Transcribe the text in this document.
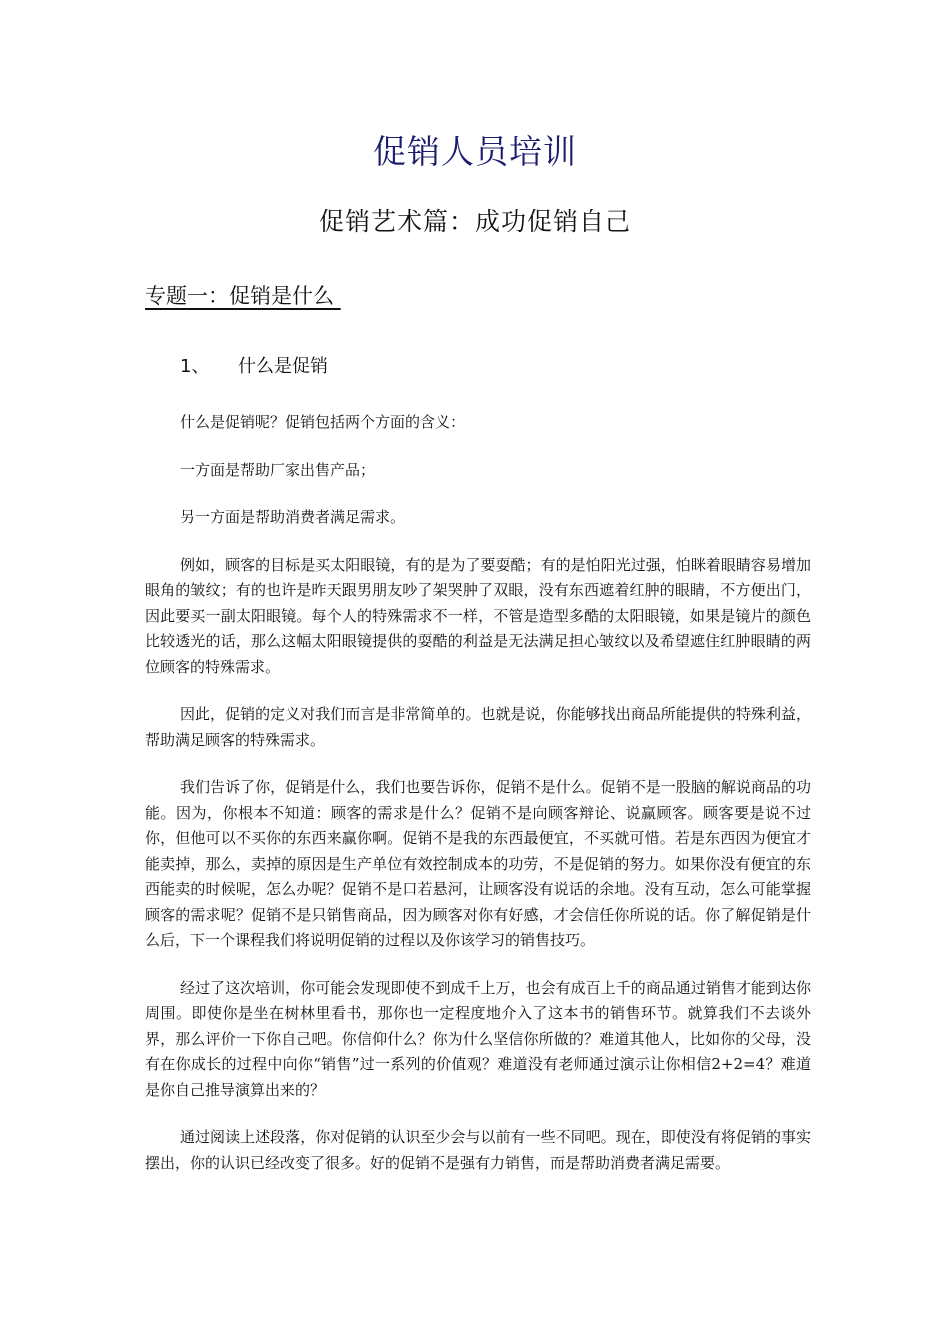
促销人员培训
促销艺术篇：成功促销自己
专题一：促销是什么
1、 什么是促销

什么是促销呢？促销包括两个方面的含义：

一方面是帮助厂家出售产品；

另一方面是帮助消费者满足需求。

例如，顾客的目标是买太阳眼镜，有的是为了要耍酷；有的是怕阳光过强，怕眯着眼睛容易增加眼角的皱纹；有的也许是昨天跟男朋友吵了架哭肿了双眼，没有东西遮着红肿的眼睛，不方便出门，因此要买一副太阳眼镜。每个人的特殊需求不一样，不管是造型多酷的太阳眼镜，如果是镜片的颜色比较透光的话，那么这幅太阳眼镜提供的耍酷的利益是无法满足担心皱纹以及希望遮住红肿眼睛的两位顾客的特殊需求。

因此，促销的定义对我们而言是非常简单的。也就是说，你能够找出商品所能提供的特殊利益，帮助满足顾客的特殊需求。

我们告诉了你，促销是什么，我们也要告诉你，促销不是什么。促销不是一股脑的解说商品的功能。因为，你根本不知道：顾客的需求是什么？促销不是向顾客辩论、说赢顾客。顾客要是说不过你，但他可以不买你的东西来赢你啊。促销不是我的东西最便宜，不买就可惜。若是东西因为便宜才能卖掉，那么，卖掉的原因是生产单位有效控制成本的功劳，不是促销的努力。如果你没有便宜的东西能卖的时候呢，怎么办呢？促销不是口若悬河，让顾客没有说话的余地。没有互动，怎么可能掌握顾客的需求呢？促销不是只销售商品，因为顾客对你有好感，才会信任你所说的话。你了解促销是什么后，下一个课程我们将说明促销的过程以及你该学习的销售技巧。

经过了这次培训，你可能会发现即使不到成千上万，也会有成百上千的商品通过销售才能到达你周围。即使你是坐在树林里看书，那你也一定程度地介入了这本书的销售环节。就算我们不去谈外界，那么评价一下你自己吧。你信仰什么？你为什么坚信你所做的？难道其他人，比如你的父母，没有在你成长的过程中向你“销售”过一系列的价值观？难道没有老师通过演示让你相信2+2=4？难道是你自己推导演算出来的？

通过阅读上述段落，你对促销的认识至少会与以前有一些不同吧。现在，即使没有将促销的事实摆出，你的认识已经改变了很多。好的促销不是强有力销售，而是帮助消费者满足需要。
